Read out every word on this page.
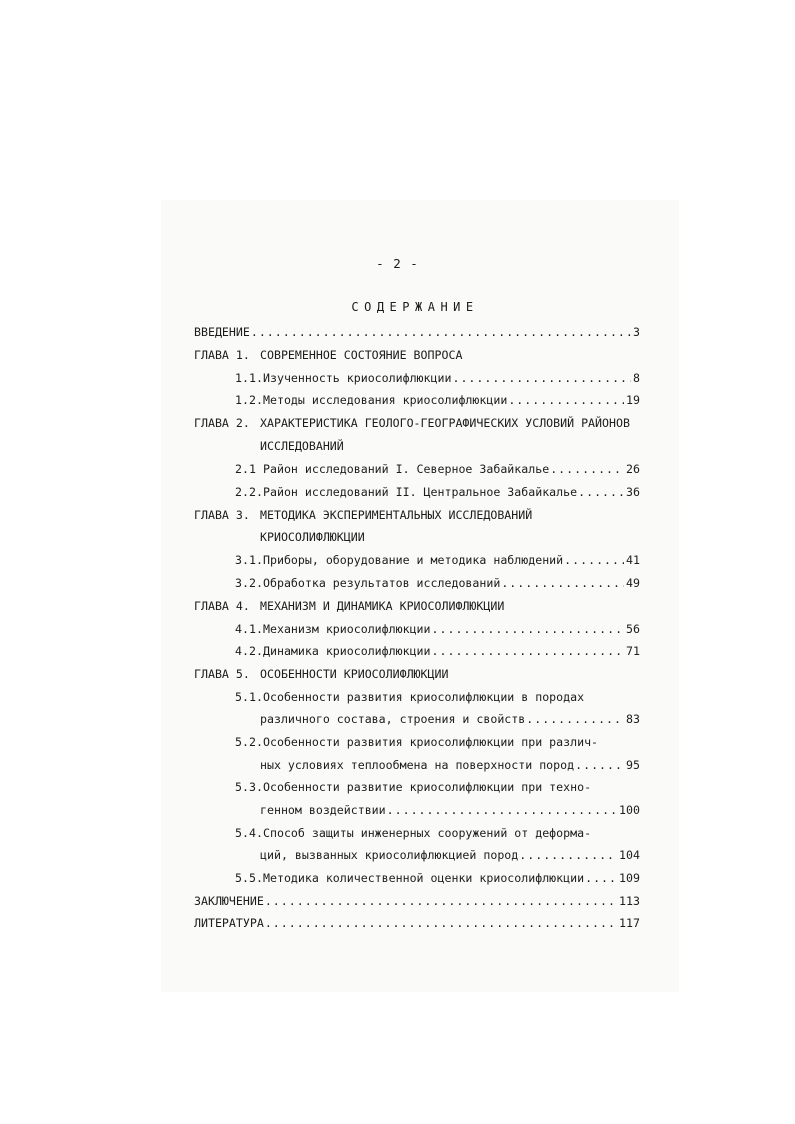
- 2 -
СОДЕРЖАНИЕ
ВВЕДЕНИЕ .....	3
ГЛАВА 1. СОВРЕМЕННОЕ СОСТОЯНИЕ ВОПРОСА
1.1.Изученность криосолифлюкции .....	8
1.2.Методы исследования криосолифлюкции .....	19
ГЛАВА 2. ХАРАКТЕРИСТИКА ГЕОЛОГО-ГЕОГРАФИЧЕСКИХ УСЛОВИЙ РАЙОНОВ
ИССЛЕДОВАНИЙ
2.1 Район исследований I. Северное Забайкалье .....	26
2.2.Район исследований II. Центральное Забайкалье .....	36
ГЛАВА 3. МЕТОДИКА ЭКСПЕРИМЕНТАЛЬНЫХ ИССЛЕДОВАНИЙ
КРИОСОЛИФЛЮКЦИИ
3.1.Приборы, оборудование и методика наблюдений .....	41
3.2.Обработка результатов исследований .....	49
ГЛАВА 4. МЕХАНИЗМ И ДИНАМИКА КРИОСОЛИФЛЮКЦИИ
4.1.Механизм криосолифлюкции .....	56
4.2.Динамика криосолифлюкции .....	71
ГЛАВА 5. ОСОБЕННОСТИ КРИОСОЛИФЛЮКЦИИ
5.1.Особенности развития криосолифлюкции в породах
различного состава, строения и свойств .....	83
5.2.Особенности развития криосолифлюкции при различ-
ных условиях теплообмена на поверхности пород .....	95
5.3.Особенности развитие криосолифлюкции при техно-
генном воздействии .....	100
5.4.Способ защиты инженерных сооружений от деформа-
ций, вызванных криосолифлюкцией пород .....	104
5.5.Методика количественной оценки криосолифлюкции .....	109
ЗАКЛЮЧЕНИЕ .....	113
ЛИТЕРАТУРА .....	117
